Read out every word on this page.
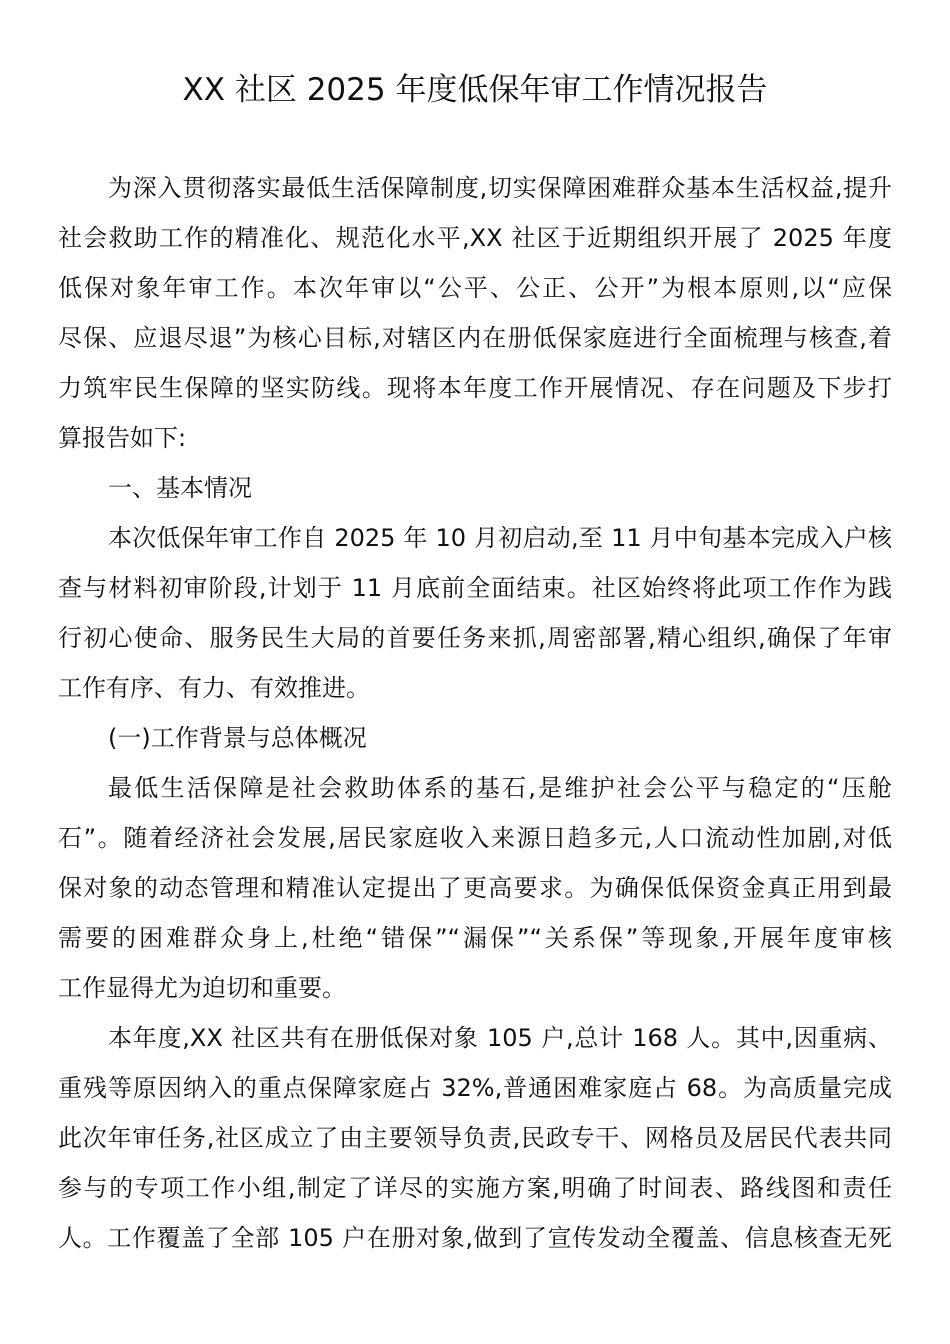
XX 社区 2025 年度低保年审工作情况报告
为深入贯彻落实最低生活保障制度,切实保障困难群众基本生活权益,提升
社会救助工作的精准化、规范化水平,XX 社区于近期组织开展了 2025 年度
低保对象年审工作。本次年审以“公平、公正、公开”为根本原则,以“应保
尽保、应退尽退”为核心目标,对辖区内在册低保家庭进行全面梳理与核查,着
力筑牢民生保障的坚实防线。现将本年度工作开展情况、存在问题及下步打
算报告如下:
一、基本情况
本次低保年审工作自 2025 年 10 月初启动,至 11 月中旬基本完成入户核
查与材料初审阶段,计划于 11 月底前全面结束。社区始终将此项工作作为践
行初心使命、服务民生大局的首要任务来抓,周密部署,精心组织,确保了年审
工作有序、有力、有效推进。
(一)工作背景与总体概况
最低生活保障是社会救助体系的基石,是维护社会公平与稳定的“压舱
石”。随着经济社会发展,居民家庭收入来源日趋多元,人口流动性加剧,对低
保对象的动态管理和精准认定提出了更高要求。为确保低保资金真正用到最
需要的困难群众身上,杜绝“错保”“漏保”“关系保”等现象,开展年度审核
工作显得尤为迫切和重要。
本年度,XX 社区共有在册低保对象 105 户,总计 168 人。其中,因重病、
重残等原因纳入的重点保障家庭占 32%,普通困难家庭占 68。为高质量完成
此次年审任务,社区成立了由主要领导负责,民政专干、网格员及居民代表共同
参与的专项工作小组,制定了详尽的实施方案,明确了时间表、路线图和责任
人。工作覆盖了全部 105 户在册对象,做到了宣传发动全覆盖、信息核查无死
